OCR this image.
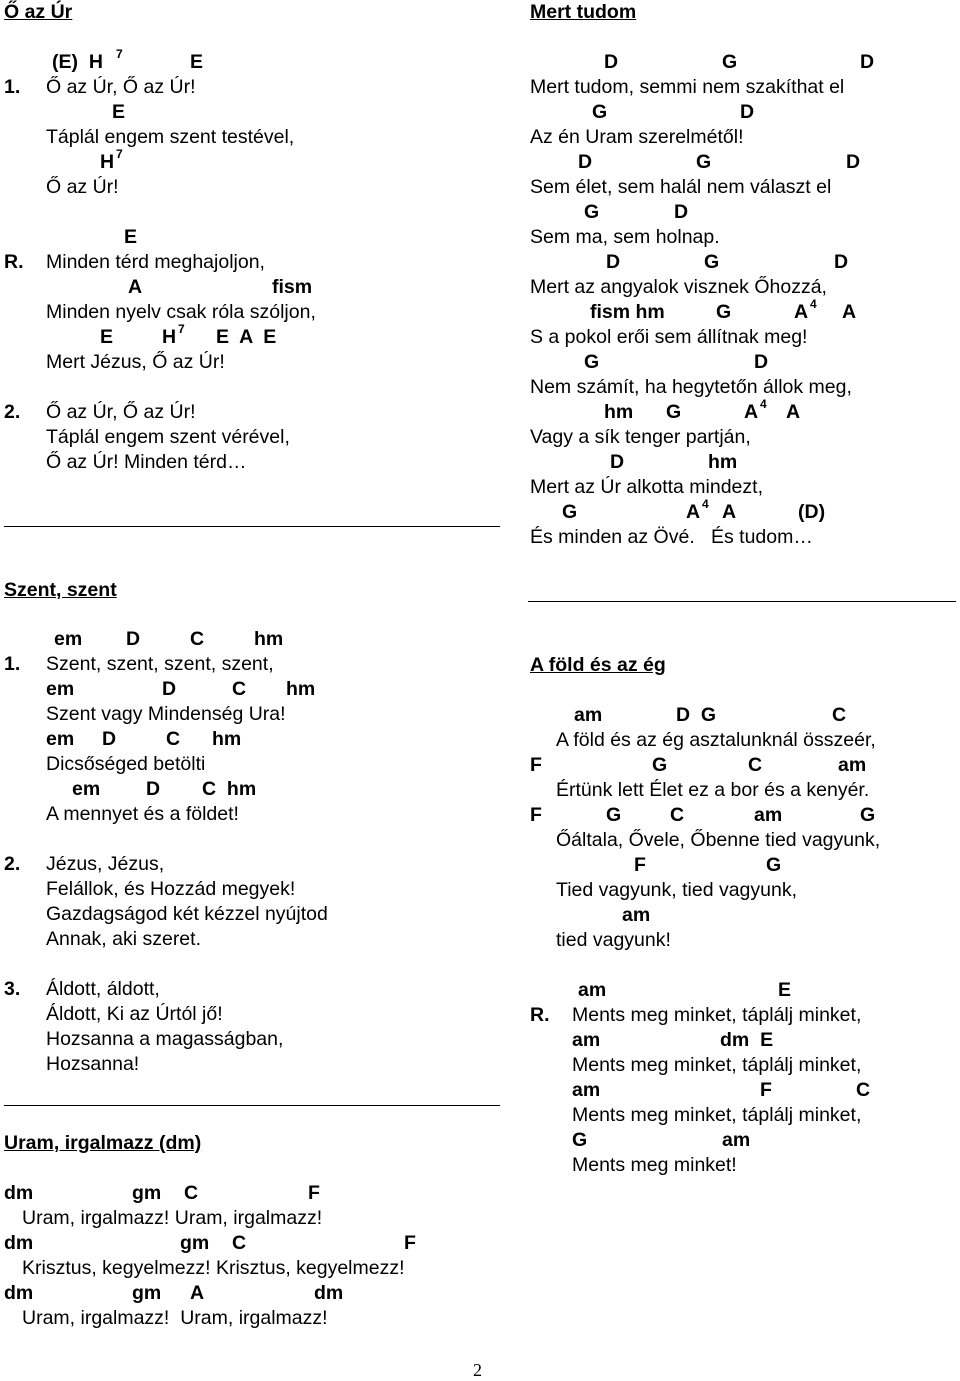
Ő az Úr
(E)  H 7	E
1. Ő az Úr, Ő az Úr!
E
Táplál engem szent testével,
H 7
Ő az Úr!
E
R. Minden térd meghajoljon,
A	fism
Minden nyelv csak róla szóljon,
E	H 7 E  A  E
Mert Jézus, Ő az Úr!
2. Ő az Úr, Ő az Úr!
Táplál engem szent vérével,
Ő az Úr! Minden térd…
Mert tudom
D	G	D
Mert tudom, semmi nem szakíthat el
G	D
Az én Uram szerelmétől!
D	G	D
Sem élet, sem halál nem választ el
G	D
Sem ma, sem holnap.
D	G	D
Mert az angyalok visznek Őhozzá,
fism hm	G	A 4 A
S a pokol erői sem állítnak meg!
G	D
Nem számít, ha hegytetőn állok meg,
hm G	A 4 A
Vagy a sík tenger partján,
D	hm
Mert az Úr alkotta mindezt,
G	A 4 A	(D)
És minden az Övé.   És tudom…
Szent, szent
em D	C	hm
1. Szent, szent, szent, szent,
em	D	C hm
Szent vagy Mindenség Ura!
em D	C hm
Dicsőséged betölti
em D C  hm
A mennyet és a földet!
2. Jézus, Jézus,
Felállok, és Hozzád megyek!
Gazdagságod két kézzel nyújtod
Annak, aki szeret.
3. Áldott, áldott,
Áldott, Ki az Úrtól jő!
Hozsanna a magasságban,
Hozsanna!
A föld és az ég
am	D  G	C
A föld és az ég asztalunknál összeér,
F	G	C	am
Értünk lett Élet ez a bor és a kenyér.
F	G	C	am	G
Őáltala, Ővele, Őbenne tied vagyunk,
F	G
Tied vagyunk, tied vagyunk,
am
tied vagyunk!
am	E
R. Ments meg minket, táplálj minket,
am	dm  E
Ments meg minket, táplálj minket,
am	F	C
Ments meg minket, táplálj minket,
G	am
Ments meg minket!
Uram, irgalmazz (dm)
dm	gm C	F
Uram, irgalmazz! Uram, irgalmazz!
dm	gm C	F
Krisztus, kegyelmezz! Krisztus, kegyelmezz!
dm	gm A	dm
Uram, irgalmazz!  Uram, irgalmazz!
2
